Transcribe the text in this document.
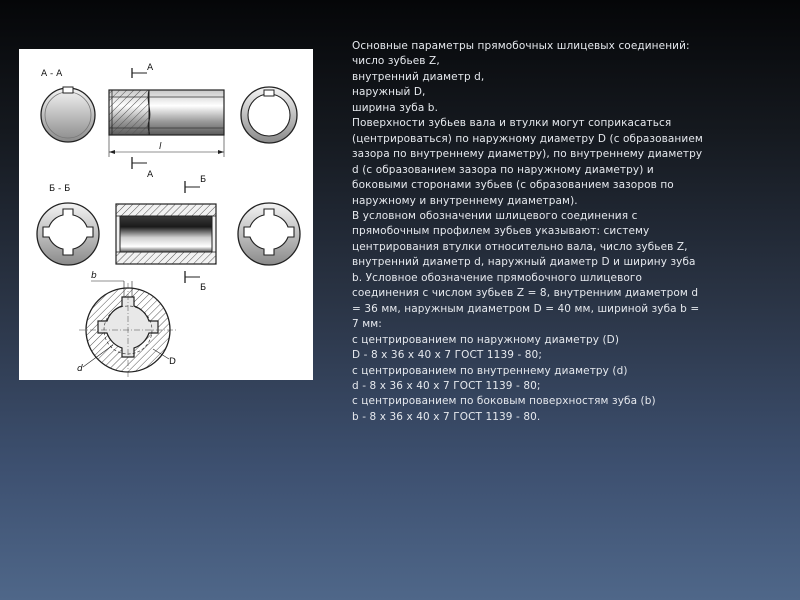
А - А
А
l
А	Б
Б - Б
Б
b
d
D

Основные параметры прямобочных шлицевых соединений:

число зубьев Z,

внутренний диаметр d,

наружный D,

ширина зуба b.

Поверхности зубьев вала и втулки могут соприкасаться

(центрироваться) по наружному диаметру D (с образованием

зазора по внутреннему диаметру), по внутреннему диаметру

d (с образованием зазора по наружному диаметру) и

боковыми сторонами зубьев (с образованием зазоров по

наружному и внутреннему диаметрам).

В условном обозначении шлицевого соединения с

прямобочным профилем зубьев указывают: систему

центрирования втулки относительно вала, число зубьев Z,

внутренний диаметр d, наружный диаметр D и ширину зуба

b. Условное обозначение прямобочного шлицевого

соединения с числом зубьев Z = 8, внутренним диаметром d

= 36 мм, наружным диаметром D = 40 мм, шириной зуба b =

7 мм:

с центрированием по наружному диаметру (D)

D - 8 x 36 x 40 x 7 ГОСТ 1139 - 80;

с центрированием по внутреннему диаметру (d)

d - 8 x 36 x 40 x 7 ГОСТ 1139 - 80;

с центрированием по боковым поверхностям зуба (b)

b - 8 x 36 x 40 x 7 ГОСТ 1139 - 80.
